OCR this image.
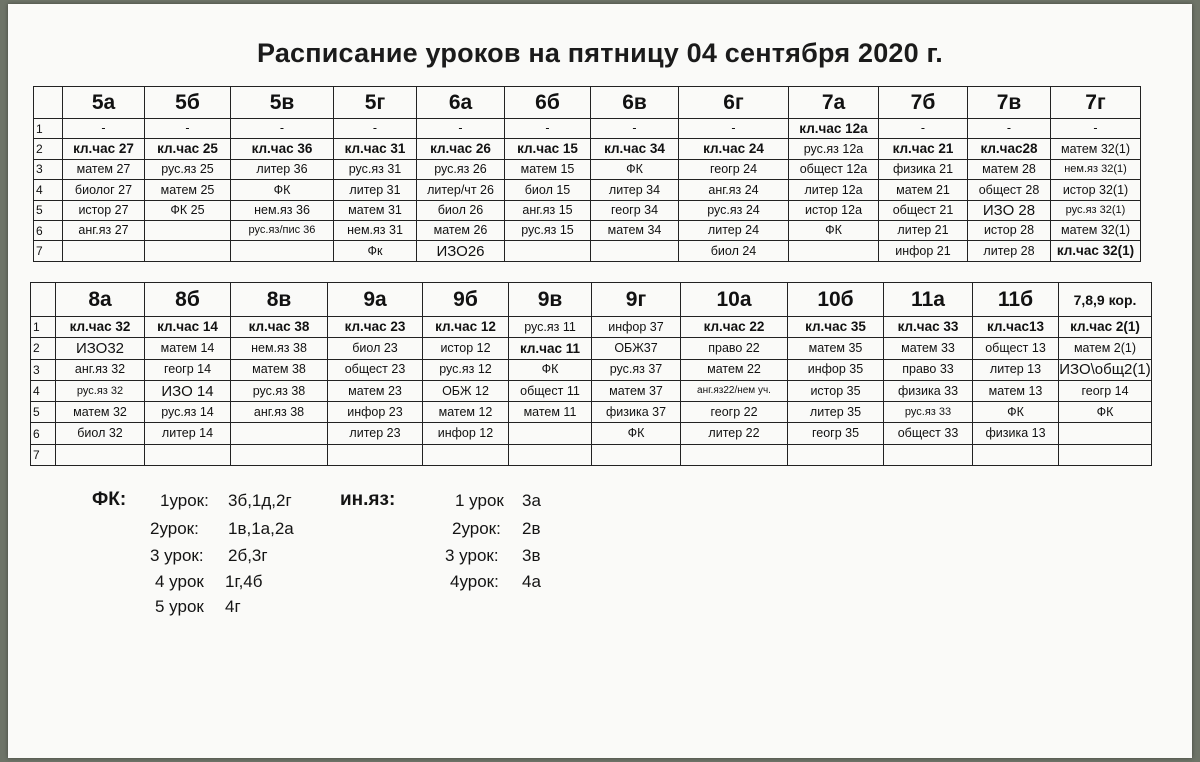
Расписание уроков на пятницу 04 сентября 2020 г.
	5а	5б	5в	5г	6а	6б	6в	6г	7а	7б	7в	7г
1	-	-	-	-	-	-	-	-	кл.час 12а	-	-	-
2	кл.час 27	кл.час 25	кл.час 36	кл.час 31	кл.час 26	кл.час 15	кл.час 34	кл.час 24	рус.яз 12а	кл.час 21	кл.час28	матем 32(1)
3	матем 27	рус.яз 25	литер 36	рус.яз 31	рус.яз 26	матем 15	ФК	геогр 24	общест 12а	физика 21	матем 28	нем.яз 32(1)
4	биолог 27	матем 25	ФК	литер 31	литер/чт 26	биол 15	литер 34	анг.яз 24	литер 12а	матем 21	общест 28	истор 32(1)
5	истор 27	ФК 25	нем.яз 36	матем 31	биол 26	анг.яз 15	геогр 34	рус.яз 24	истор 12а	общест 21	ИЗО 28	рус.яз 32(1)
6	анг.яз 27		рус.яз/пис 36	нем.яз 31	матем 26	рус.яз 15	матем 34	литер 24	ФК	литер 21	истор 28	матем 32(1)
7				Фк	ИЗО26			биол 24		инфор 21	литер 28	кл.час 32(1)
	8а	8б	8в	9а	9б	9в	9г	10а	10б	11а	11б	7,8,9 кор.
1	кл.час 32	кл.час 14	кл.час 38	кл.час 23	кл.час 12	рус.яз 11	инфор 37	кл.час 22	кл.час 35	кл.час 33	кл.час13	кл.час 2(1)
2	ИЗО32	матем 14	нем.яз 38	биол 23	истор 12	кл.час 11	ОБЖ37	право 22	матем 35	матем 33	общест 13	матем 2(1)
3	анг.яз 32	геогр 14	матем 38	общест 23	рус.яз 12	ФК	рус.яз 37	матем 22	инфор 35	право 33	литер 13	ИЗО\общ2(1)
4	рус.яз 32	ИЗО 14	рус.яз 38	матем 23	ОБЖ 12	общест 11	матем 37	анг.яз22/нем уч.	истор 35	физика 33	матем 13	геогр 14
5	матем 32	рус.яз 14	анг.яз 38	инфор 23	матем 12	матем 11	физика 37	геогр 22	литер 35	рус.яз 33	ФК	ФК
6	биол 32	литер 14		литер 23	инфор 12		ФК	литер 22	геогр 35	общест 33	физика 13	
7												
ФК: 1урок: 3б,1д,2г
2урок: 1в,1а,2а
3 урок: 2б,3г
4 урок 1г,4б
5 урок 4г
ин.яз:	1 урок 3а
2урок: 2в
3 урок: 3в
4урок: 4а
